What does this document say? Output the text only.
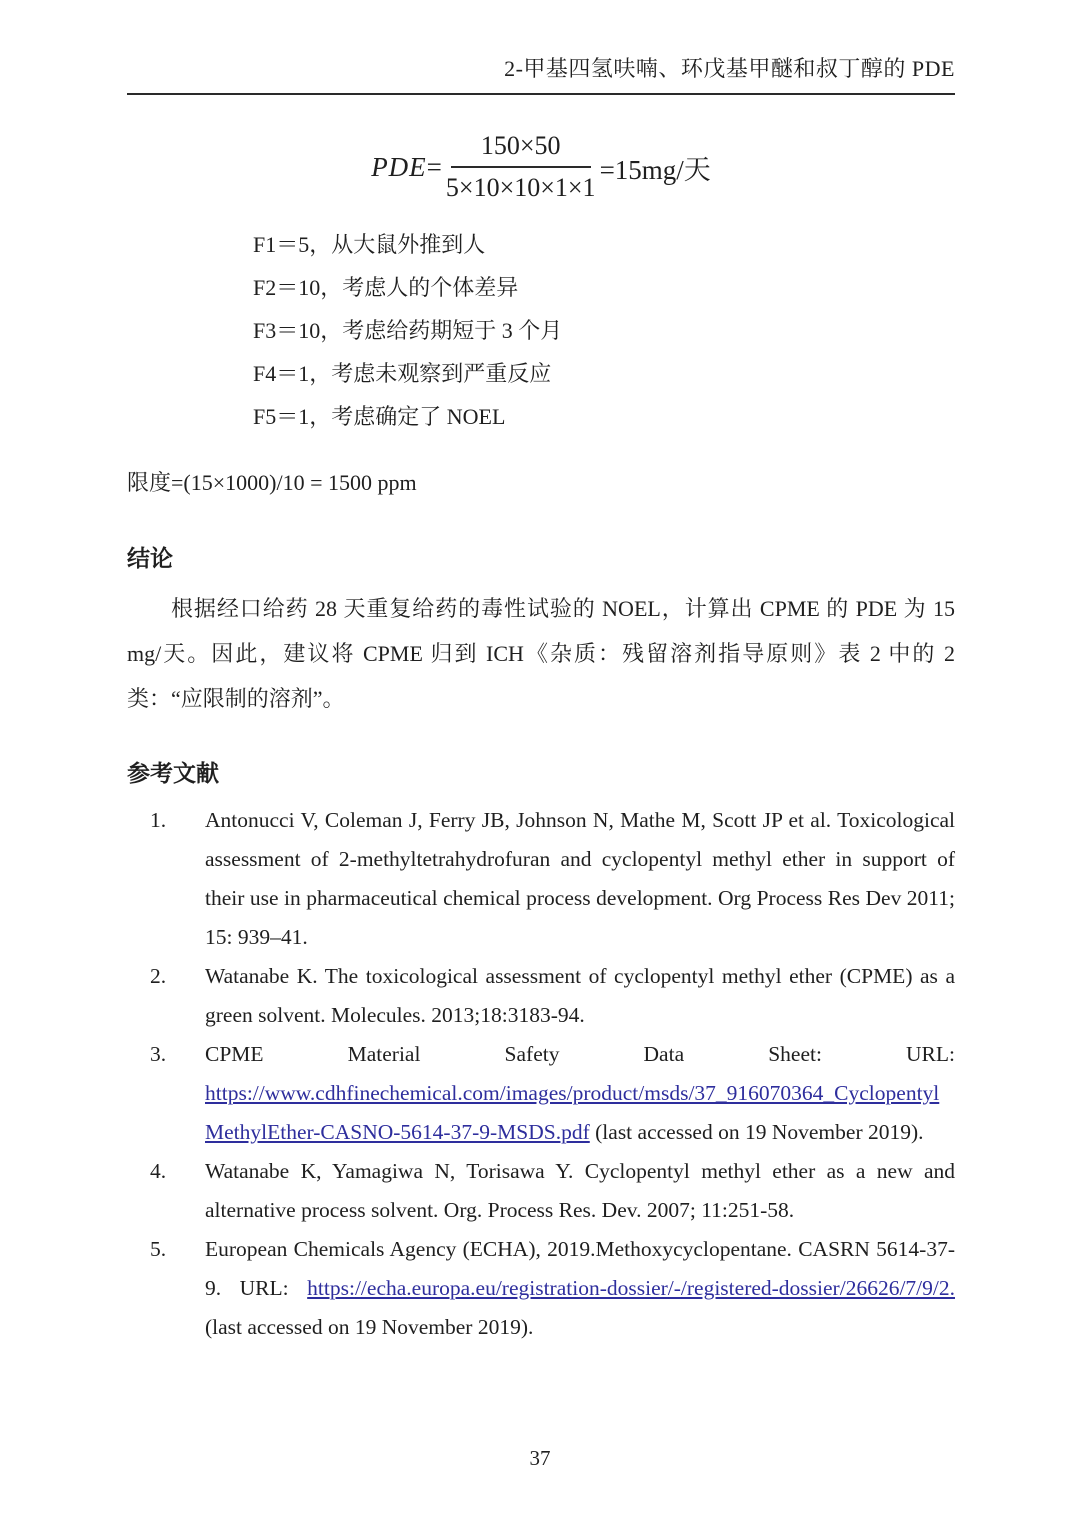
2-甲基四氢呋喃、环戊基甲醚和叔丁醇的 PDE
PDE = $\frac{150\times 50}{5\times 10\times 10\times 1\times 1} =15mg/$天
F1＝5，从大鼠外推到人
F2＝10，考虑人的个体差异
F3＝10，考虑给药期短于 3 个月
F4＝1，考虑未观察到严重反应
F5＝1，考虑确定了 NOEL
限度=(15×1000)/10 = 1500 ppm
结论
根据经口给药 28 天重复给药的毒性试验的 NOEL，计算出 CPME 的 PDE 为 15 mg/天。因此，建议将 CPME 归到 ICH《杂质：残留溶剂指导原则》表 2 中的 2 类：“应限制的溶剂”。
参考文献
1. Antonucci V, Coleman J, Ferry JB, Johnson N, Mathe M, Scott JP et al. Toxicological assessment of 2-methyltetrahydrofuran and cyclopentyl methyl ether in support of their use in pharmaceutical chemical process development. Org Process Res Dev 2011; 15: 939–41.
2. Watanabe K. The toxicological assessment of cyclopentyl methyl ether (CPME) as a green solvent. Molecules. 2013;18:3183-94.
3. CPME Material Safety Data Sheet: URL:
https://www.cdhfinechemical.com/images/product/msds/37_916070364_CyclopentylMethylEther-CASNO-5614-37-9-MSDS.pdf (last accessed on 19 November 2019).
4. Watanabe K, Yamagiwa N, Torisawa Y. Cyclopentyl methyl ether as a new and alternative process solvent. Org. Process Res. Dev. 2007; 11:251-58.
5. European Chemicals Agency (ECHA), 2019.Methoxycyclopentane. CASRN 5614-37-9. URL: https://echa.europa.eu/registration-dossier/-/registered-dossier/26626/7/9/2. (last accessed on 19 November 2019).
37
